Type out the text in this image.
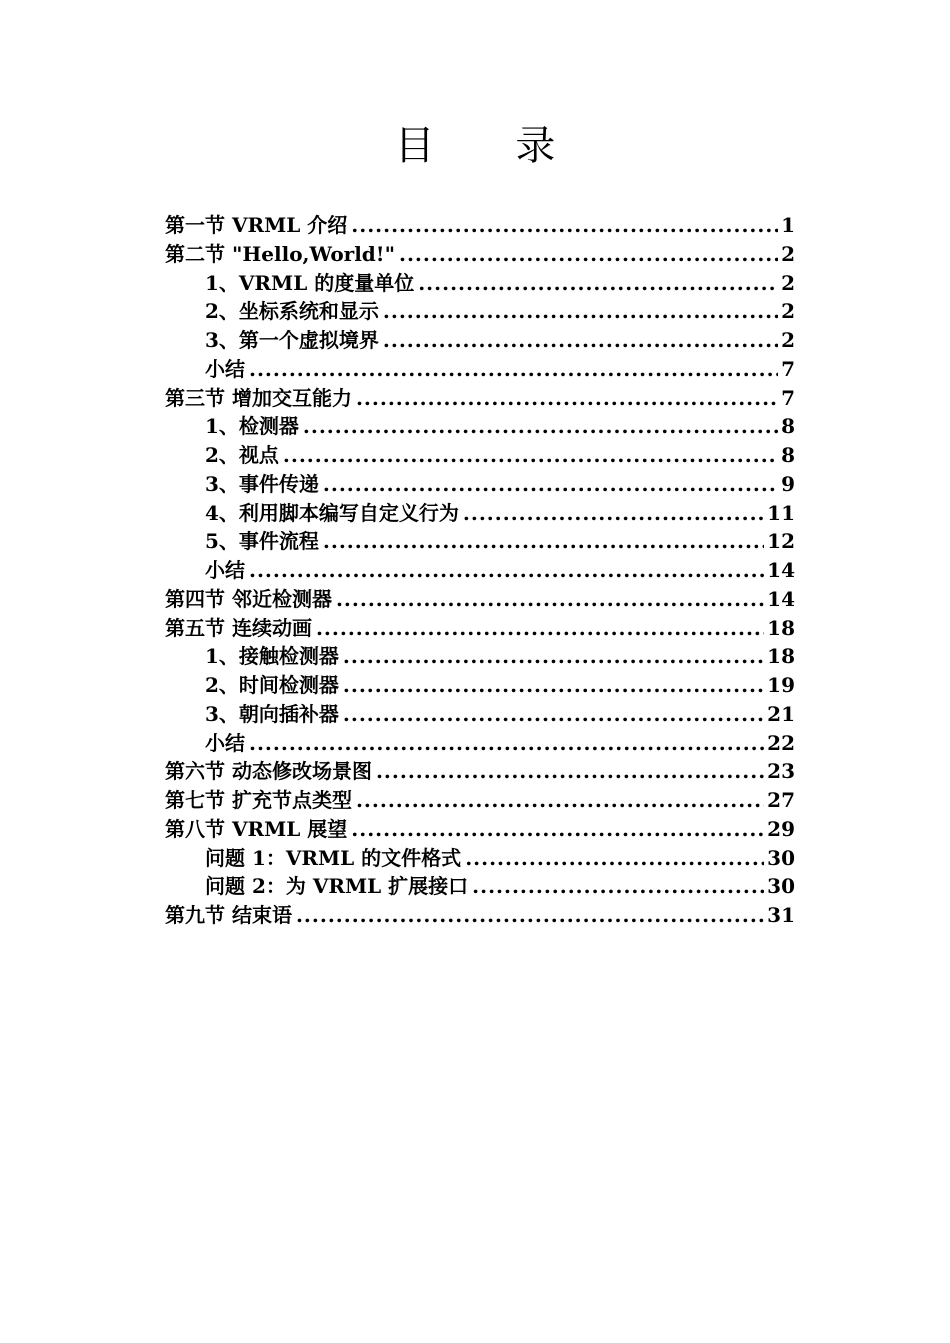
目 录
第一节 VRML 介绍 .....	1
第二节 "Hello,World!" .....	2
1、VRML 的度量单位 .....	2
2、坐标系统和显示 .....	2
3、第一个虚拟境界 .....	2
小结 .....	7
第三节 增加交互能力 .....	7
1、检测器 .....	8
2、视点 .....	8
3、事件传递 .....	9
4、利用脚本编写自定义行为 .....	11
5、事件流程 .....	12
小结 .....	14
第四节 邻近检测器 .....	14
第五节 连续动画 .....	18
1、接触检测器 .....	18
2、时间检测器 .....	19
3、朝向插补器 .....	21
小结 .....	22
第六节 动态修改场景图 .....	23
第七节 扩充节点类型 .....	27
第八节 VRML 展望 .....	29
问题 1：VRML 的文件格式 .....	30
问题 2：为 VRML 扩展接口 .....	30
第九节 结束语 .....	31
